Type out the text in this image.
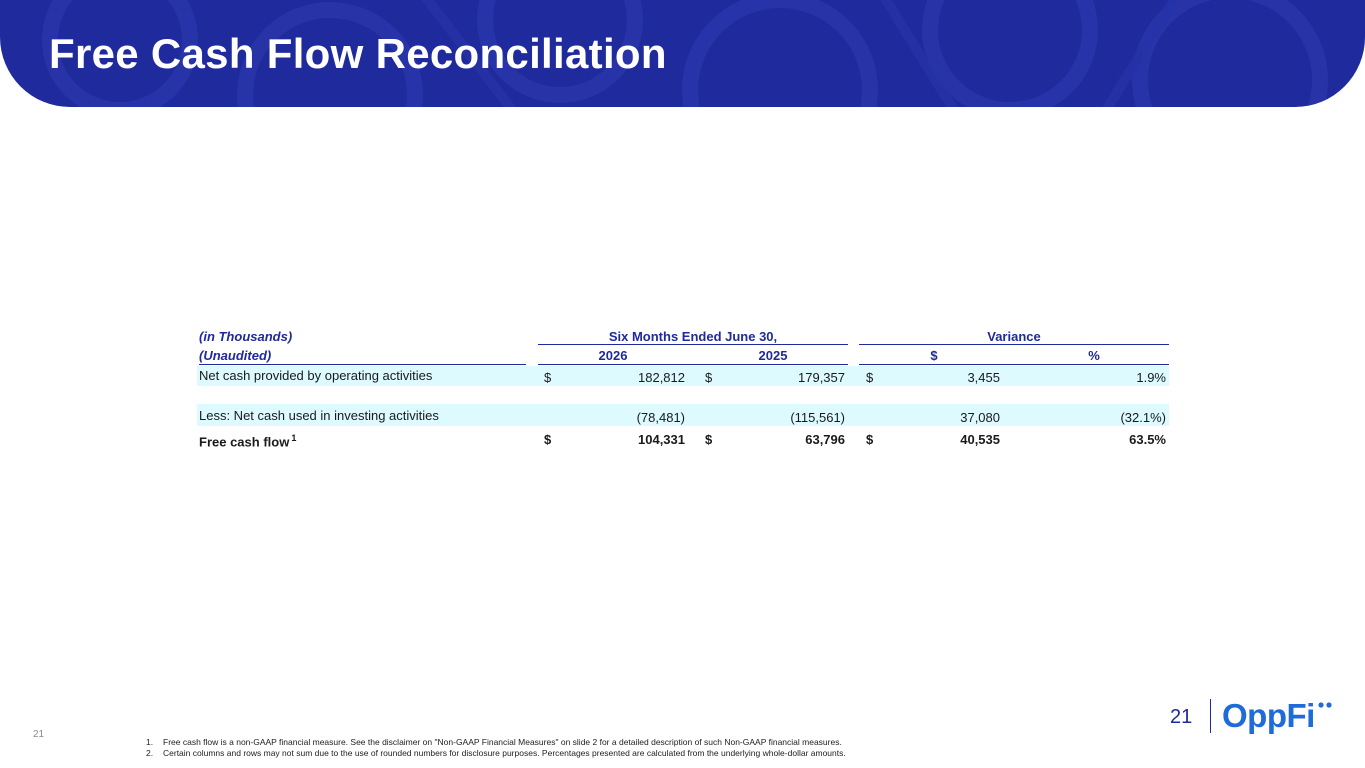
Free Cash Flow Reconciliation
(in Thousands)	Six Months Ended June 30,	Variance
(Unaudited)	2026	2025	$	%
Net cash provided by operating activities	$	182,812 $	179,357 $	3,455	1.9%
Less: Net cash used in investing activities	(78,481)	(115,561)	37,080	(32.1%)
Free cash flow $^1$	$	104,331 $	63,796 $	40,535	63.5%
21
1. Free cash flow is a non-GAAP financial measure. See the disclaimer on "Non-GAAP Financial Measures" on slide 2 for a detailed description of such Non-GAAP financial measures.
2. Certain columns and rows may not sum due to the use of rounded numbers for disclosure purposes. Percentages presented are calculated from the underlying whole-dollar amounts.
21 OppFi
